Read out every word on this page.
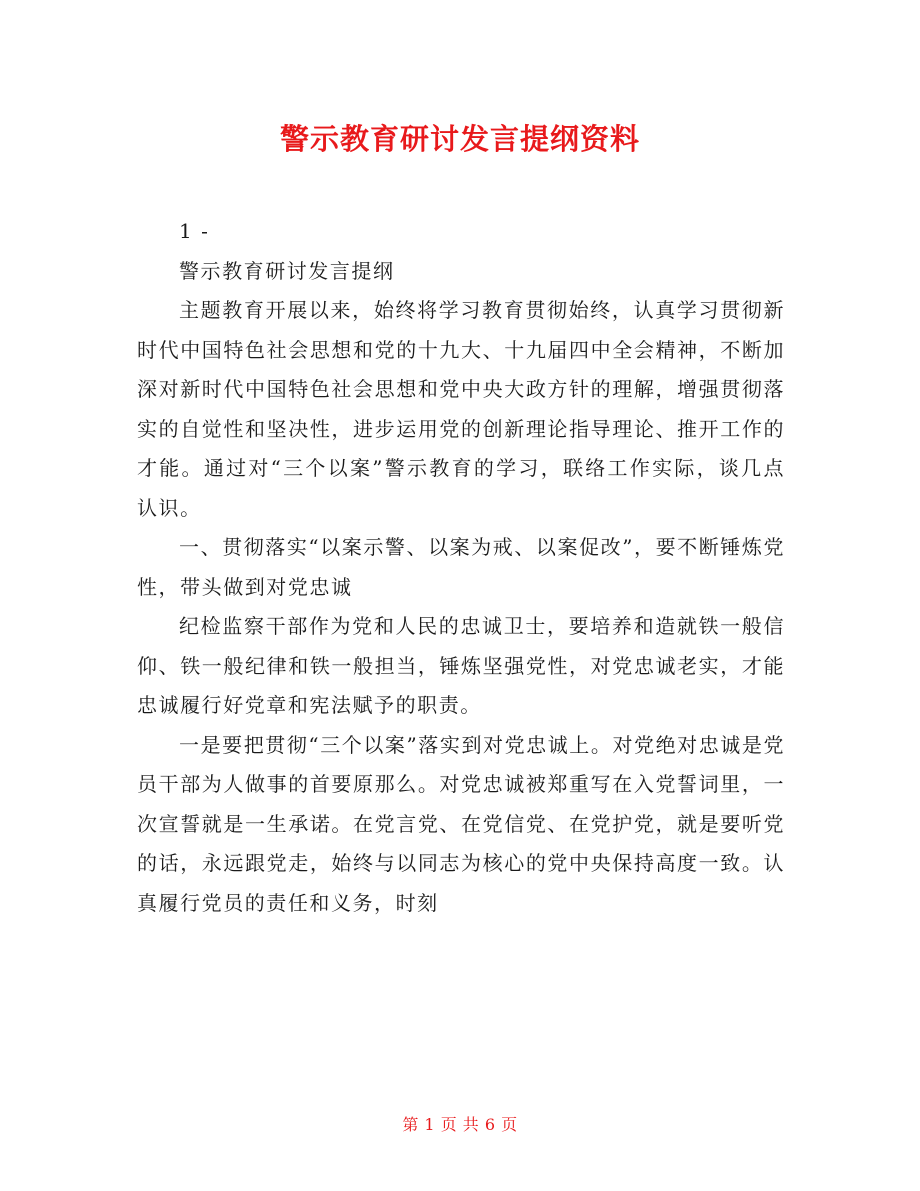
警示教育研讨发言提纲资料

1 -

警示教育研讨发言提纲

主题教育开展以来，始终将学习教育贯彻始终，认真学习贯彻新时代中国特色社会思想和党的十九大、十九届四中全会精神，不断加深对新时代中国特色社会思想和党中央大政方针的理解，增强贯彻落实的自觉性和坚决性，进步运用党的创新理论指导理论、推开工作的才能。通过对“三个以案”警示教育的学习，联络工作实际，谈几点认识。

一、贯彻落实“以案示警、以案为戒、以案促改”，要不断锤炼党性，带头做到对党忠诚

纪检监察干部作为党和人民的忠诚卫士，要培养和造就铁一般信仰、铁一般纪律和铁一般担当，锤炼坚强党性，对党忠诚老实，才能忠诚履行好党章和宪法赋予的职责。

一是要把贯彻“三个以案”落实到对党忠诚上。对党绝对忠诚是党员干部为人做事的首要原那么。对党忠诚被郑重写在入党誓词里，一次宣誓就是一生承诺。在党言党、在党信党、在党护党，就是要听党的话，永远跟党走，始终与以同志为核心的党中央保持高度一致。认真履行党员的责任和义务，时刻

第 1 页 共 6 页
